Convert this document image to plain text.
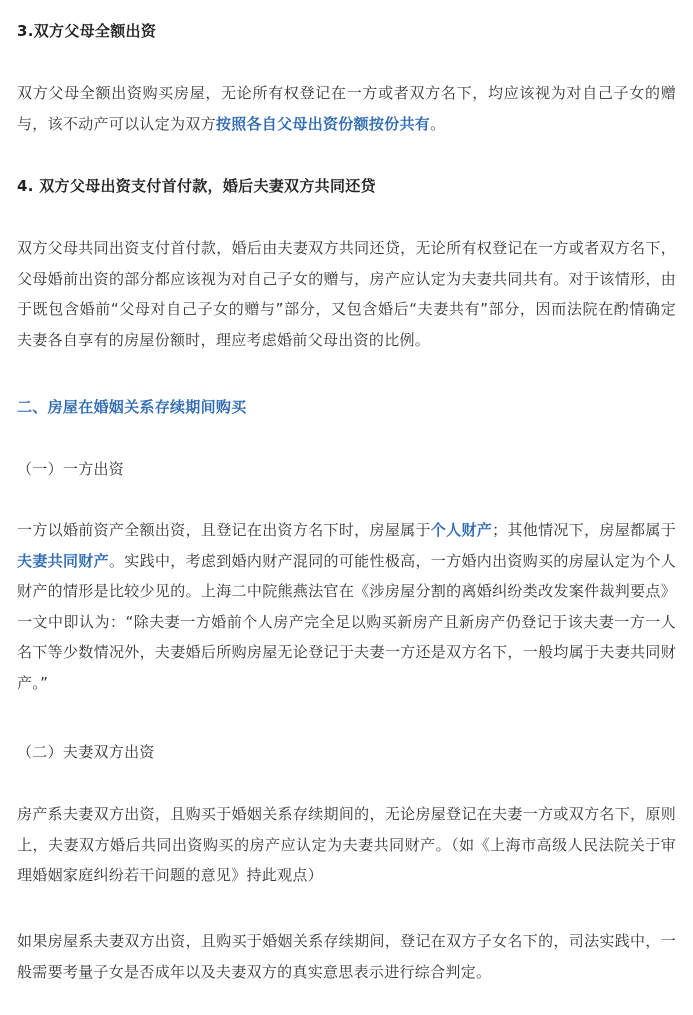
3.双方父母全额出资

双方父母全额出资购买房屋，无论所有权登记在一方或者双方名下，均应该视为对自己子女的赠与，该不动产可以认定为双方按照各自父母出资份额按份共有。

4. 双方父母出资支付首付款，婚后夫妻双方共同还贷

双方父母共同出资支付首付款，婚后由夫妻双方共同还贷，无论所有权登记在一方或者双方名下，父母婚前出资的部分都应该视为对自己子女的赠与，房产应认定为夫妻共同共有。对于该情形，由于既包含婚前“父母对自己子女的赠与”部分，又包含婚后“夫妻共有”部分，因而法院在酌情确定夫妻各自享有的房屋份额时，理应考虑婚前父母出资的比例。

二、房屋在婚姻关系存续期间购买

（一）一方出资

一方以婚前资产全额出资，且登记在出资方名下时，房屋属于个人财产；其他情况下，房屋都属于夫妻共同财产。实践中，考虑到婚内财产混同的可能性极高，一方婚内出资购买的房屋认定为个人财产的情形是比较少见的。上海二中院熊燕法官在《涉房屋分割的离婚纠纷类改发案件裁判要点》一文中即认为：“除夫妻一方婚前个人房产完全足以购买新房产且新房产仍登记于该夫妻一方一人名下等少数情况外，夫妻婚后所购房屋无论登记于夫妻一方还是双方名下，一般均属于夫妻共同财产。”

（二）夫妻双方出资

房产系夫妻双方出资，且购买于婚姻关系存续期间的，无论房屋登记在夫妻一方或双方名下，原则上，夫妻双方婚后共同出资购买的房产应认定为夫妻共同财产。（如《上海市高级人民法院关于审理婚姻家庭纠纷若干问题的意见》持此观点）

如果房屋系夫妻双方出资，且购买于婚姻关系存续期间，登记在双方子女名下的，司法实践中，一般需要考量子女是否成年以及夫妻双方的真实意思表示进行综合判定。
